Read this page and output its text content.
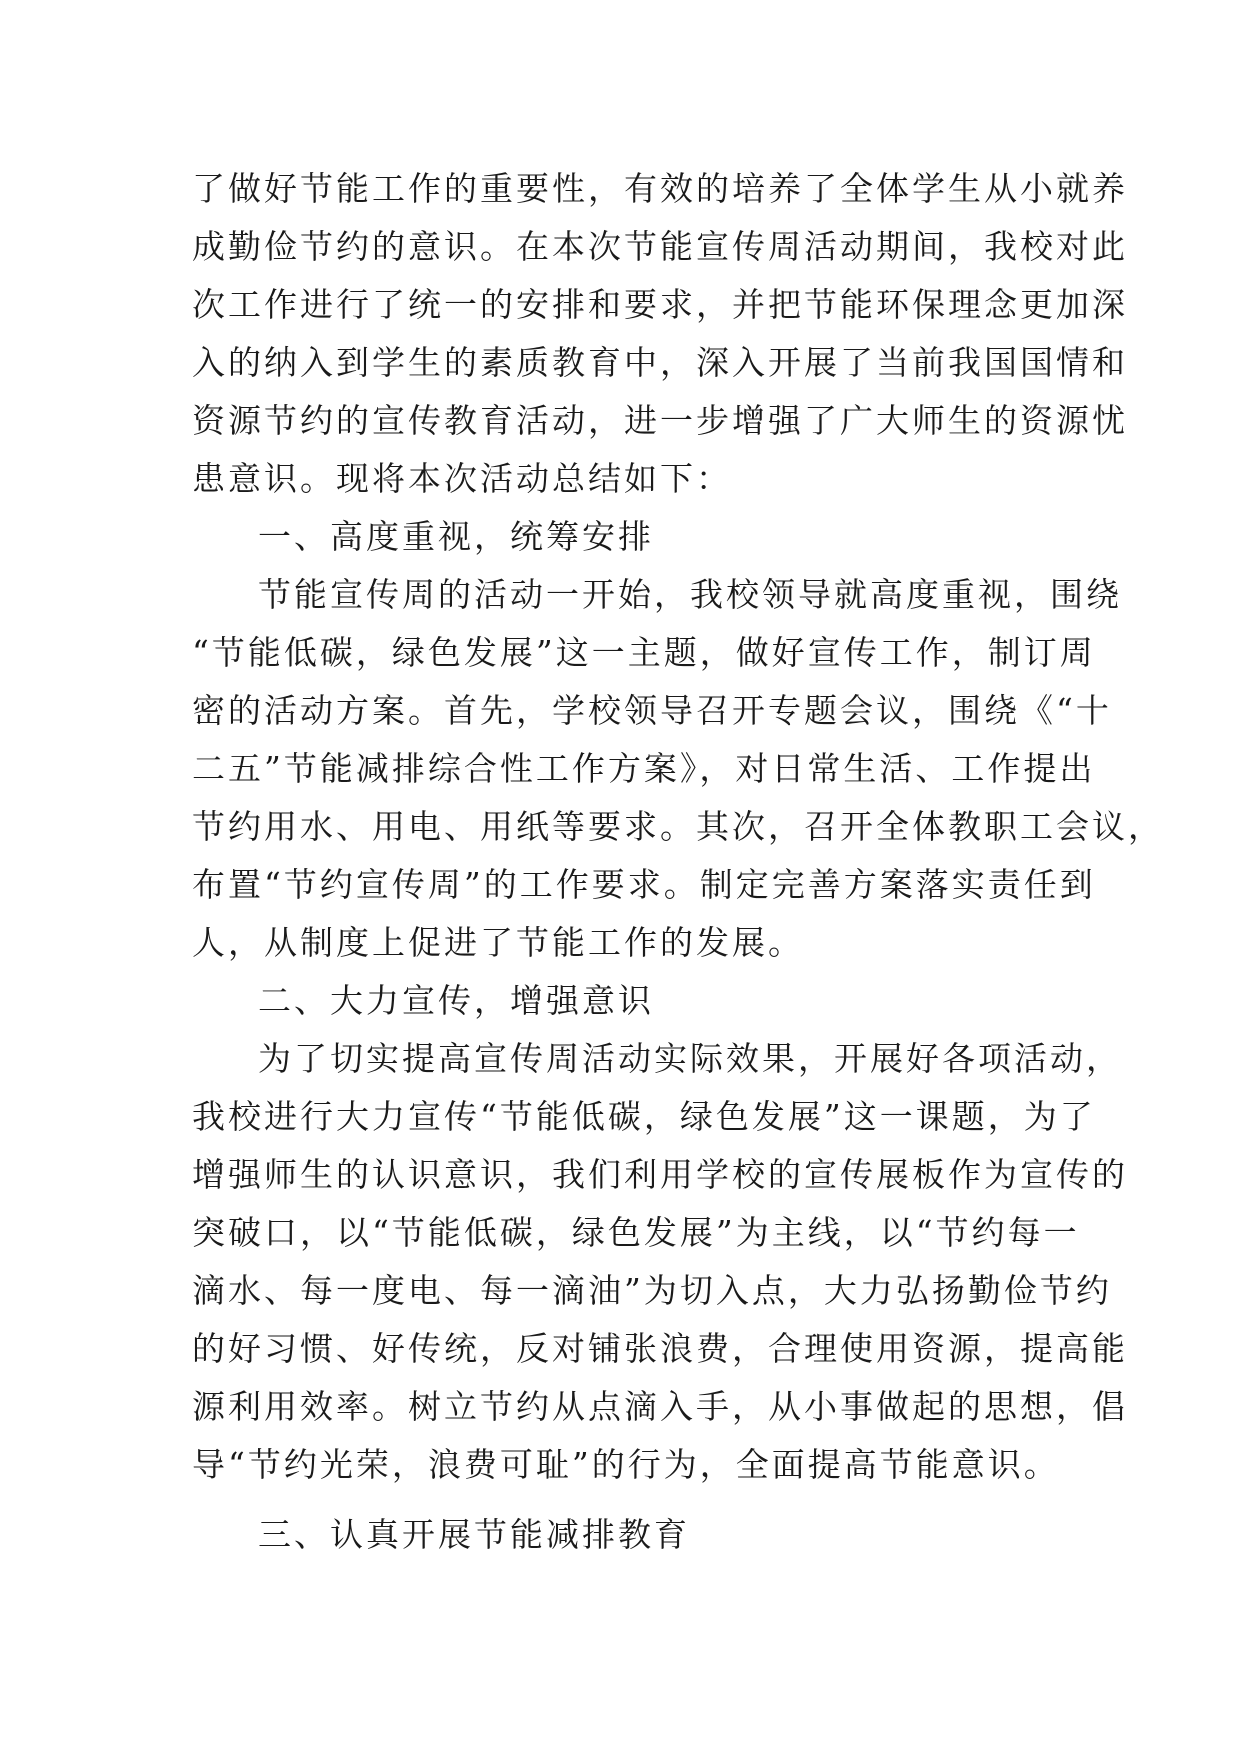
了做好节能工作的重要性，有效的培养了全体学生从小就养
成勤俭节约的意识。在本次节能宣传周活动期间，我校对此
次工作进行了统一的安排和要求，并把节能环保理念更加深
入的纳入到学生的素质教育中，深入开展了当前我国国情和
资源节约的宣传教育活动，进一步增强了广大师生的资源忧
患意识。现将本次活动总结如下：
一、高度重视，统筹安排
节能宣传周的活动一开始，我校领导就高度重视，围绕
“节能低碳，绿色发展”这一主题，做好宣传工作，制订周
密的活动方案。首先，学校领导召开专题会议，围绕《“十
二五”节能减排综合性工作方案》，对日常生活、工作提出
节约用水、用电、用纸等要求。其次，召开全体教职工会议，
布置“节约宣传周”的工作要求。制定完善方案落实责任到
人，从制度上促进了节能工作的发展。
二、大力宣传，增强意识
为了切实提高宣传周活动实际效果，开展好各项活动，
我校进行大力宣传“节能低碳，绿色发展”这一课题，为了
增强师生的认识意识，我们利用学校的宣传展板作为宣传的
突破口，以“节能低碳，绿色发展”为主线，以“节约每一
滴水、每一度电、每一滴油”为切入点，大力弘扬勤俭节约
的好习惯、好传统，反对铺张浪费，合理使用资源，提高能
源利用效率。树立节约从点滴入手，从小事做起的思想，倡
导“节约光荣，浪费可耻”的行为，全面提高节能意识。
三、认真开展节能减排教育
